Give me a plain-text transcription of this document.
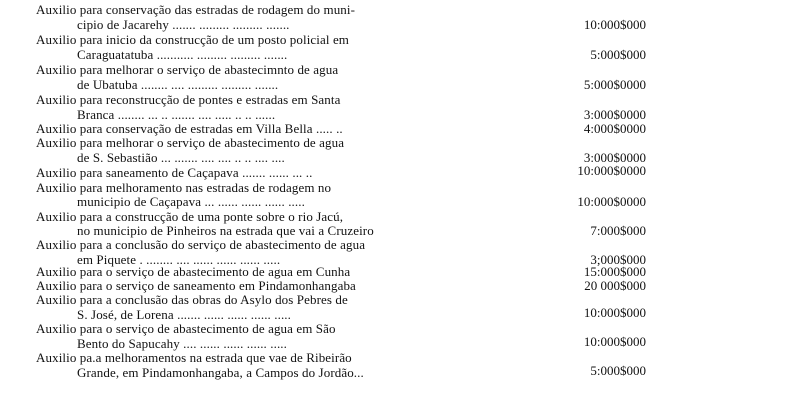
Auxilio para conservação das estradas de rodagem do muni-
cipio de Jacarehy ....... ......... ......... .......	10:000$000
Auxilio para inicio da construcção de um posto policial em
Caraguatatuba ........... ......... ......... .......	5:000$000
Auxilio para melhorar o serviço de abastecimnto de agua
de Ubatuba ........ .... ......... ......... .......	5:000$0000
Auxilio para reconstrucção de pontes e estradas em Santa
Branca ........ ... .. ....... .... ..... .. .. ......	3:000$0000
Auxilio para conservação de estradas em Villa Bella ..... ..	4:000$0000
Auxilio para melhorar o serviço de abastecimento de agua
de S. Sebastião ... ....... .... .... .. .. .... ....	3:000$0000
Auxilio para saneamento de Caçapava ....... ...... ... ..	10:000$0000
Auxilio para melhoramento nas estradas de rodagem no
municipio de Caçapava ... ...... ...... ...... .....	10:000$0000
Auxilio para a construcção de uma ponte sobre o rio Jacú,
no municipio de Pinheiros na estrada que vai a Cruzeiro	7:000$000
Auxilio para a conclusão do serviço de abastecimento de agua
em Piquete . ........ .... ...... ...... ...... .....	3;000$000
Auxilio para o serviço de abastecimento de agua em Cunha	15:000$000
Auxilio para o serviço de saneamento em Pindamonhangaba	20 000$000
Auxilio para a conclusão das obras do Asylo dos Pebres de
S. José, de Lorena ....... ...... ...... ...... .....	10:000$000
Auxilio para o serviço de abastecimento de agua em São
Bento do Sapucahy .... ...... ...... ...... .....	10:000$000
Auxilio pa.a melhoramentos na estrada que vae de Ribeirão
Grande, em Pindamonhangaba, a Campos do Jordão...	5:000$000
